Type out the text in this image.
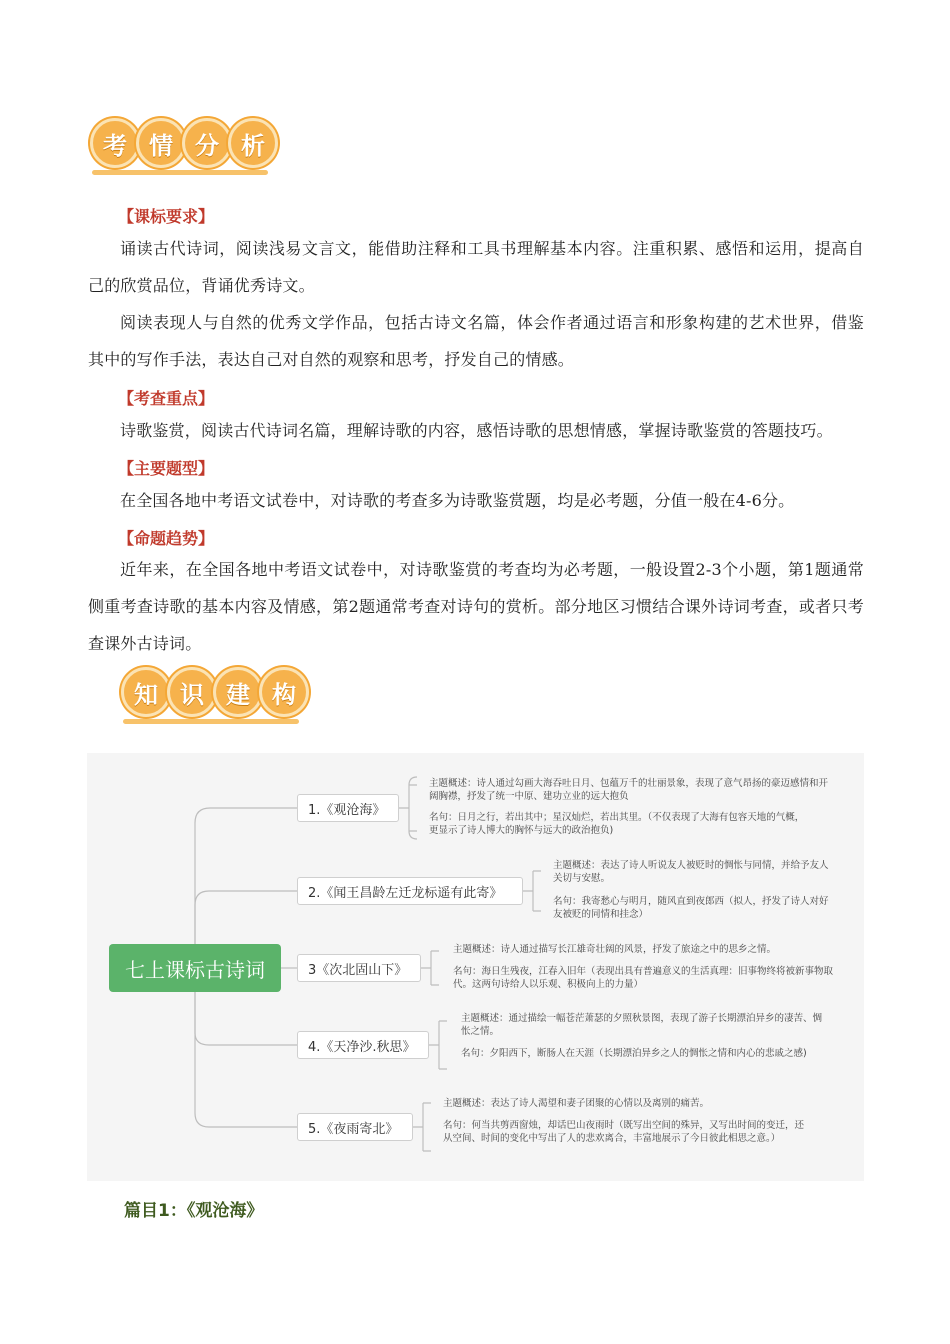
考 情 分 析
【课标要求】
诵读古代诗词，阅读浅易文言文，能借助注释和工具书理解基本内容。注重积累、感悟和运用，提高自己的欣赏品位，背诵优秀诗文。
阅读表现人与自然的优秀文学作品，包括古诗文名篇，体会作者通过语言和形象构建的艺术世界，借鉴其中的写作手法，表达自己对自然的观察和思考，抒发自己的情感。
【考查重点】
诗歌鉴赏，阅读古代诗词名篇，理解诗歌的内容，感悟诗歌的思想情感，掌握诗歌鉴赏的答题技巧。
【主要题型】
在全国各地中考语文试卷中，对诗歌的考查多为诗歌鉴赏题，均是必考题，分值一般在4-6分。
【命题趋势】
近年来，在全国各地中考语文试卷中，对诗歌鉴赏的考查均为必考题，一般设置2-3个小题，第1题通常侧重考查诗歌的基本内容及情感，第2题通常考查对诗句的赏析。部分地区习惯结合课外诗词考查，或者只考查课外古诗词。
知 识 建 构
七上课标古诗词
1.《观沧海》
主题概述：诗人通过勾画大海吞吐日月、包蕴万千的壮丽景象，表现了意气昂扬的豪迈感情和开阔胸襟，抒发了统一中原、建功立业的远大抱负
名句：日月之行，若出其中；星汉灿烂，若出其里。（不仅表现了大海有包容天地的气概，更显示了诗人博大的胸怀与远大的政治抱负)
2.《闻王昌龄左迁龙标遥有此寄》
主题概述：表达了诗人听说友人被贬时的惆怅与同情，并给予友人关切与安慰。
名句：我寄愁心与明月，随风直到夜郎西（拟人，抒发了诗人对好友被贬的同情和挂念）
3《次北固山下》
主题概述：诗人通过描写长江雄奇壮阔的风景，抒发了旅途之中的思乡之情。
名句：海日生残夜，江春入旧年（表现出具有普遍意义的生活真理：旧事物终将被新事物取代。这两句诗给人以乐观、积极向上的力量）
4.《天净沙.秋思》
主题概述：通过描绘一幅苍茫萧瑟的夕照秋景图，表现了游子长期漂泊异乡的凄苦、惆怅之情。
名句：夕阳西下，断肠人在天涯（长期漂泊异乡之人的惆怅之情和内心的悲戚之感)
5.《夜雨寄北》
主题概述：表达了诗人渴望和妻子团聚的心情以及离别的痛苦。
名句：何当共剪西窗烛，却话巴山夜雨时（既写出空间的殊异，又写出时间的变迁，还从空间、时间的变化中写出了人的悲欢离合，丰富地展示了今日彼此相思之意。）
篇目1：《观沧海》
